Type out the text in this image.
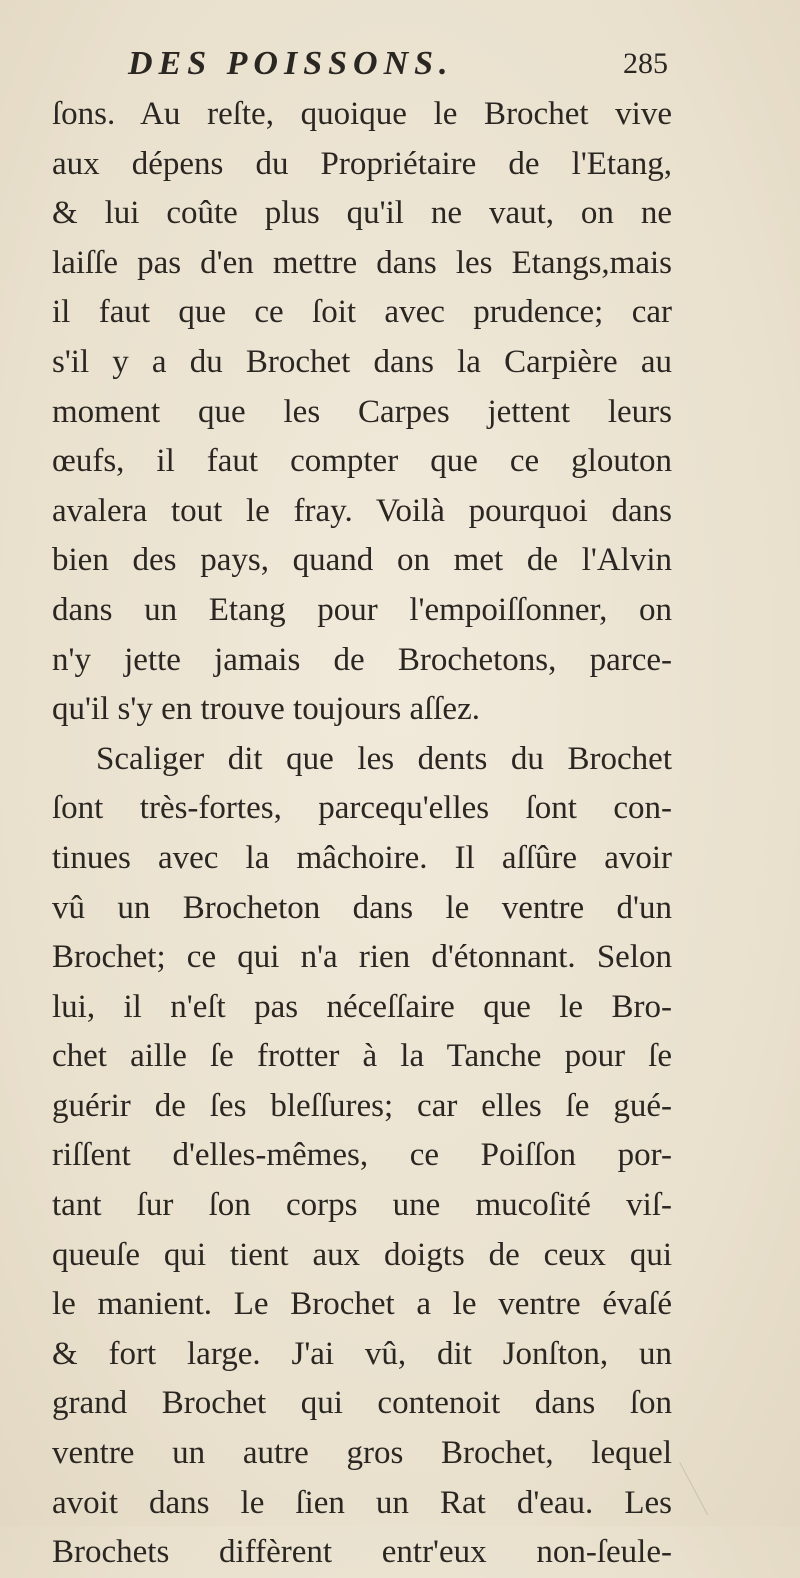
DES POISSONS.	285
ſons. Au reſte, quoique le Brochet vive
aux dépens du Propriétaire de l'Etang,
& lui coûte plus qu'il ne vaut, on ne
laiſſe pas d'en mettre dans les Etangs,mais
il faut que ce ſoit avec prudence; car
s'il y a du Brochet dans la Carpière au
moment que les Carpes jettent leurs
œufs, il faut compter que ce glouton
avalera tout le fray. Voilà pourquoi dans
bien des pays, quand on met de l'Alvin
dans un Etang pour l'empoiſſonner, on
n'y jette jamais de Brochetons, parce-
qu'il s'y en trouve toujours aſſez.
Scaliger dit que les dents du Brochet
ſont très-fortes, parcequ'elles ſont con-
tinues avec la mâchoire. Il aſſûre avoir
vû un Brocheton dans le ventre d'un
Brochet; ce qui n'a rien d'étonnant. Selon
lui, il n'eſt pas néceſſaire que le Bro-
chet aille ſe frotter à la Tanche pour ſe
guérir de ſes bleſſures; car elles ſe gué-
riſſent d'elles-mêmes, ce Poiſſon por-
tant ſur ſon corps une mucoſité viſ-
queuſe qui tient aux doigts de ceux qui
le manient. Le Brochet a le ventre évaſé
& fort large. J'ai vû, dit Jonſton, un
grand Brochet qui contenoit dans ſon
ventre un autre gros Brochet, lequel
avoit dans le ſien un Rat d'eau. Les
Brochets diffèrent entr'eux non-ſeule-
